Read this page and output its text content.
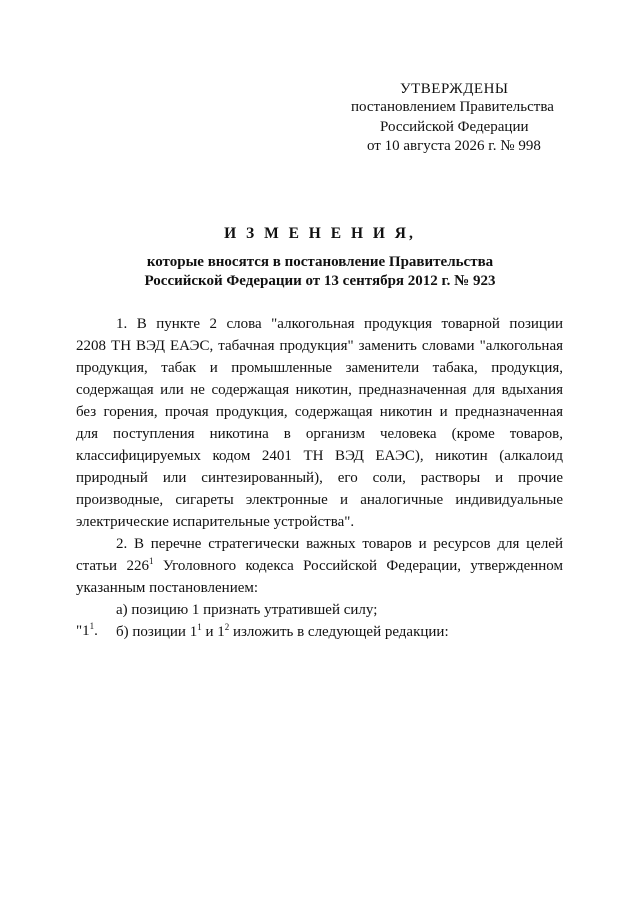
УТВЕРЖДЕНЫ
постановлением Правительства
Российской Федерации
от 10 августа 2026 г. № 998
И З М Е Н Е Н И Я,
которые вносятся в постановление Правительства
Российской Федерации от 13 сентября 2012 г. № 923
1. В пункте 2 слова "алкогольная продукция товарной позиции
2208 ТН ВЭД ЕАЭС, табачная продукция" заменить словами "алкогольная
продукция, табак и промышленные заменители табака, продукция,
содержащая или не содержащая никотин, предназначенная для вдыхания
без горения, прочая продукция, содержащая никотин и предназначенная
для поступления никотина в организм человека (кроме товаров,
классифицируемых кодом 2401 ТН ВЭД ЕАЭС), никотин (алкалоид
природный или синтезированный), его соли, растворы и прочие
производные, сигареты электронные и аналогичные индивидуальные
электрические испарительные устройства".
2. В перечне стратегически важных товаров и ресурсов для целей
статьи $226^1$ Уголовного кодекса Российской Федерации, утвержденном
указанным постановлением:
а) позицию 1 признать утратившей силу;
б) позиции $1^1$ и $1^2$ изложить в следующей редакции:
"$1^1$.
